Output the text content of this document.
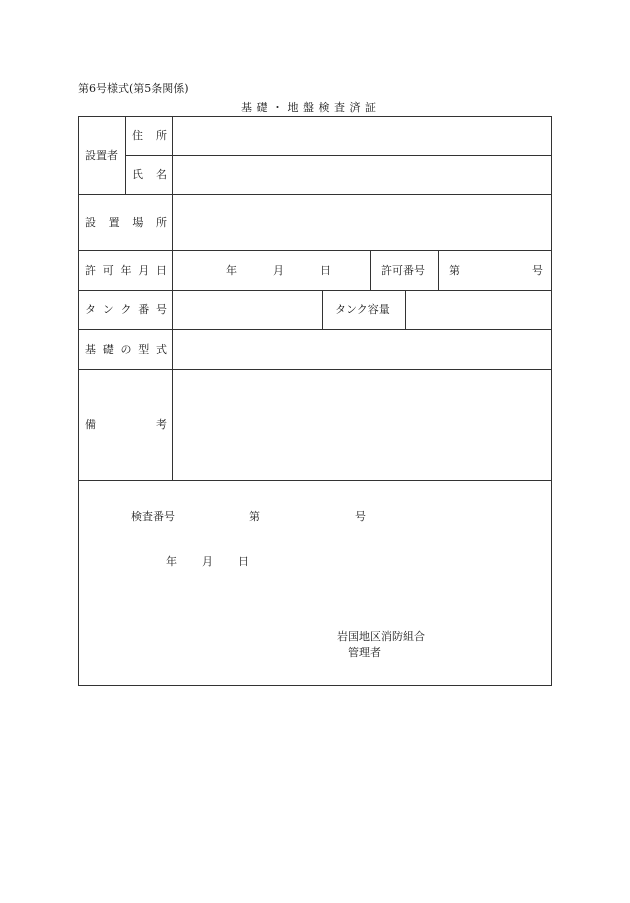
第6号様式(第5条関係)
基 礎 ・ 地 盤 検 査 済 証
設置者
住 所
氏 名
設 置 場 所
許 可 年 月 日	年	月	日	許可番号 第	号
タ ン ク 番 号	タンク容量
基 礎 の 型 式
備	考
検査番号	第	号
年 月 日
岩国地区消防組合
管理者
